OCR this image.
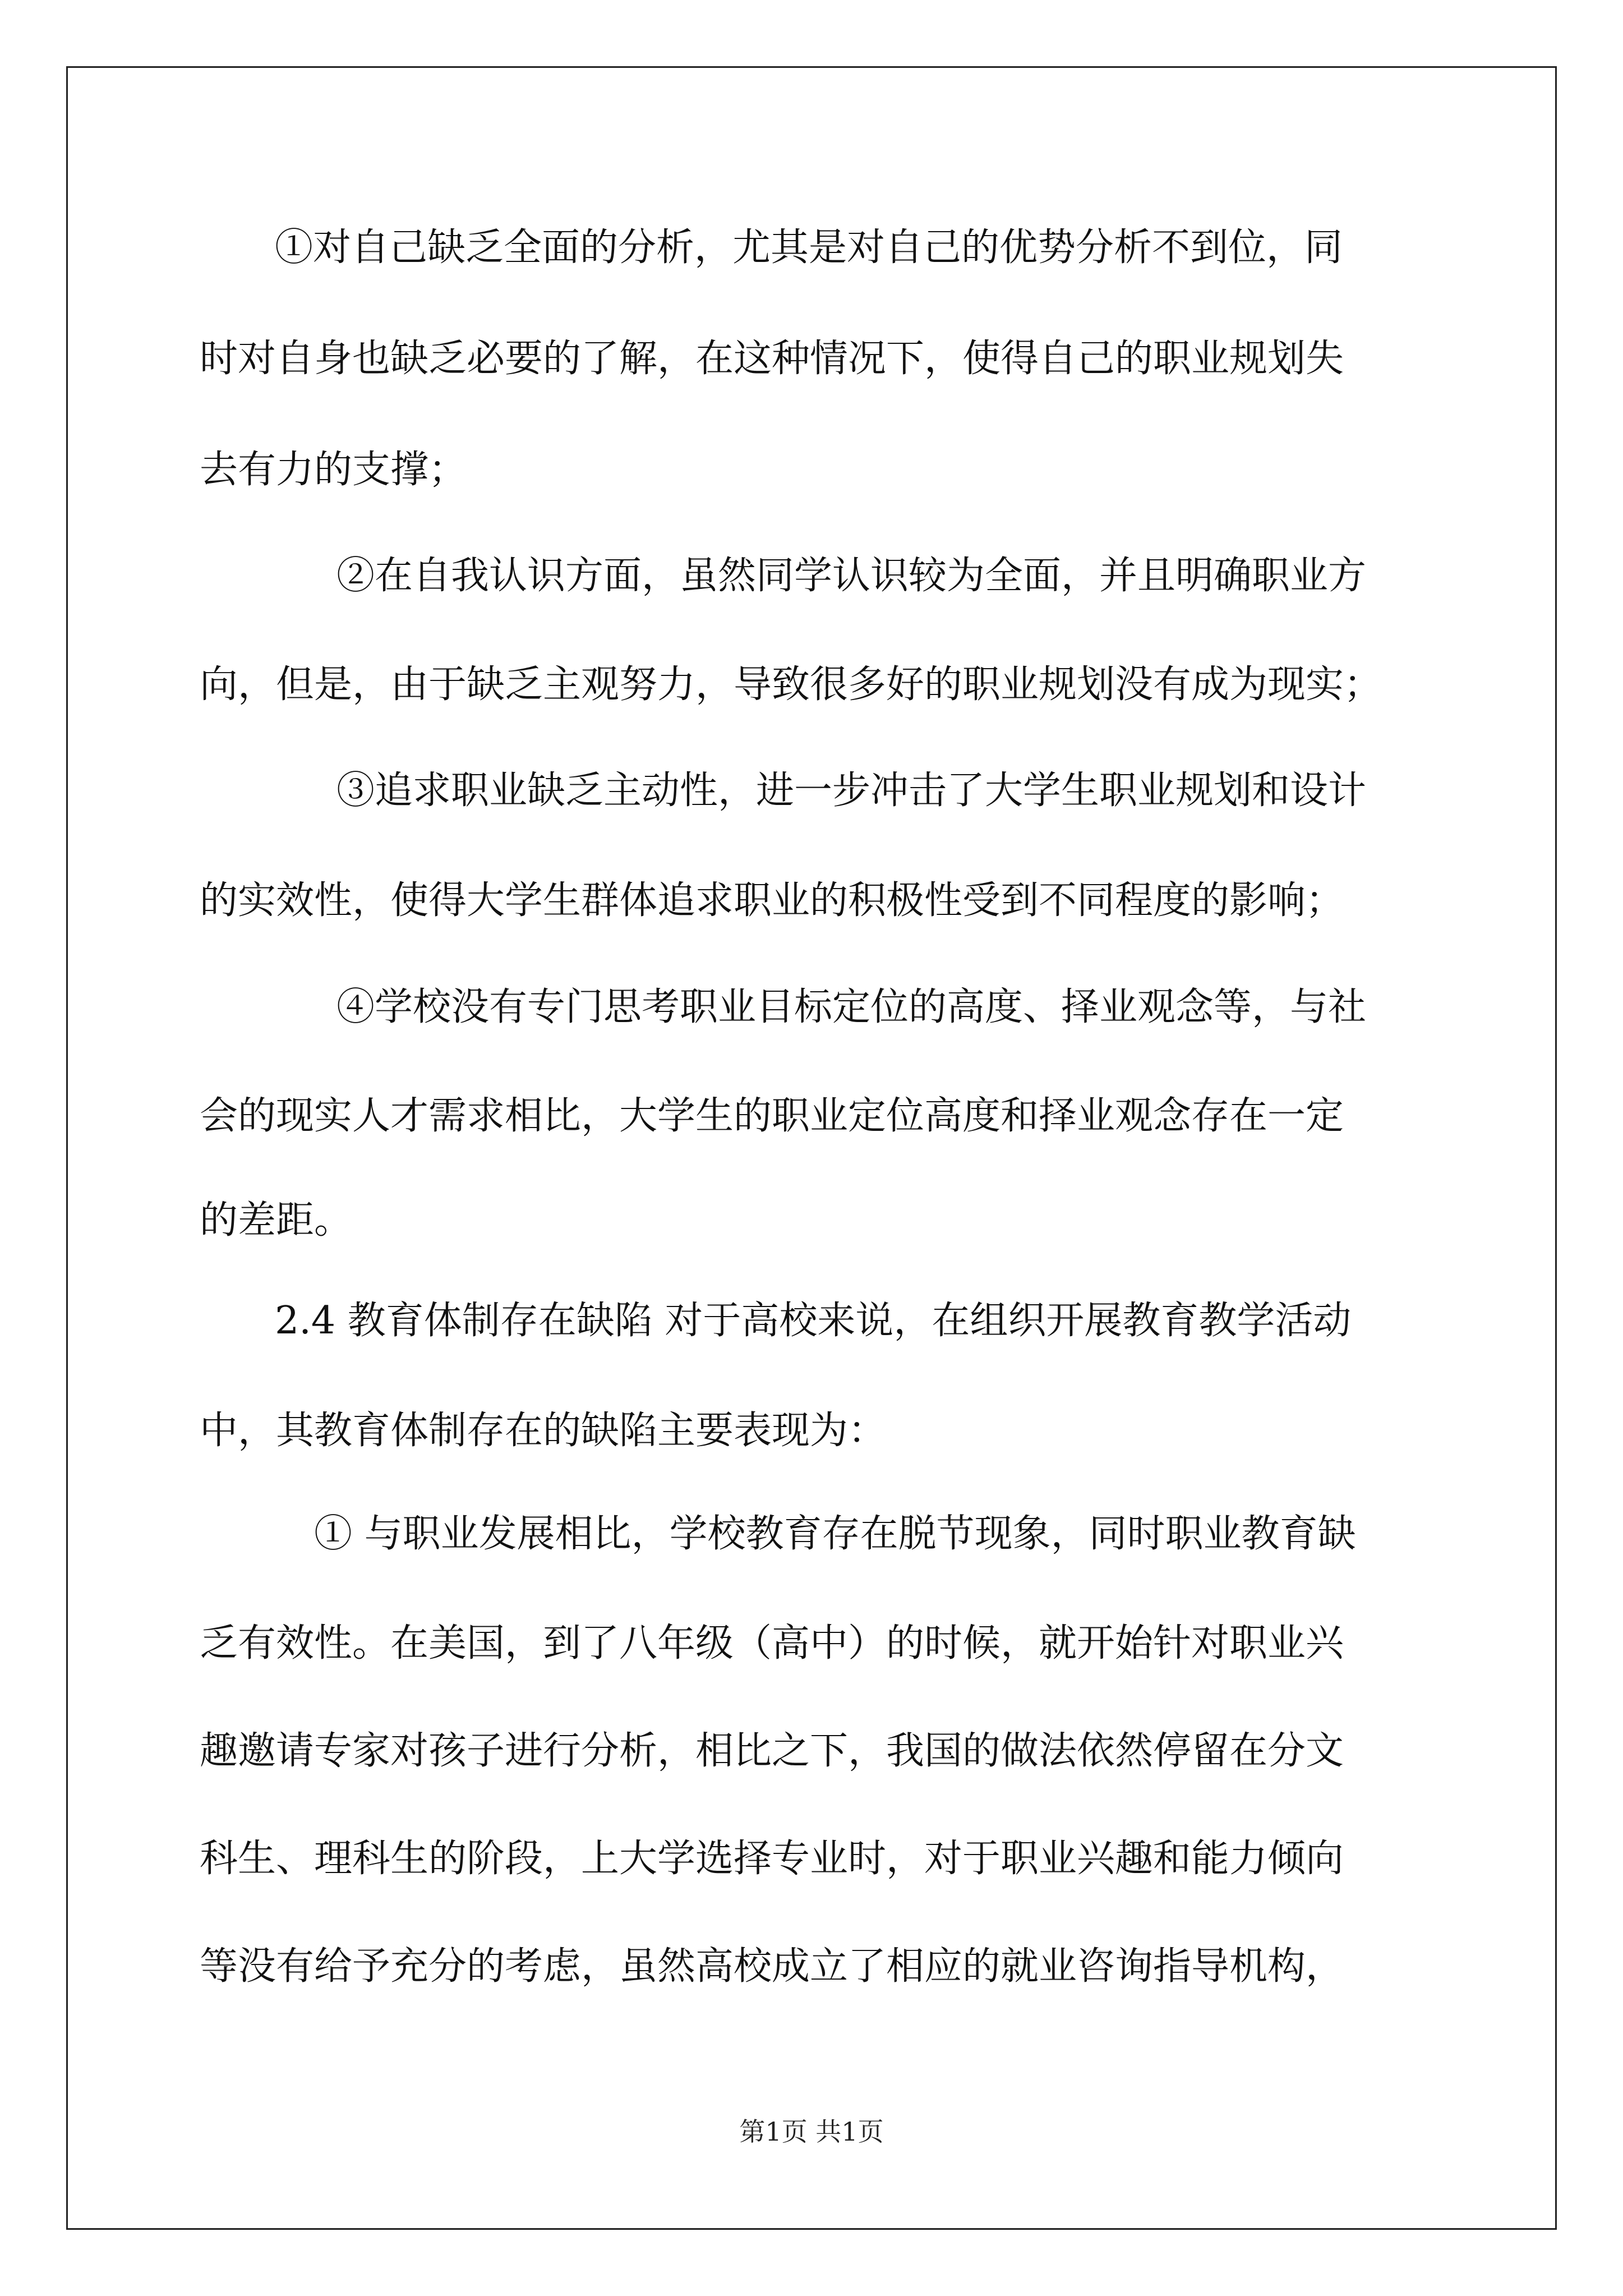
①对自己缺乏全面的分析，尤其是对自己的优势分析不到位，同
时对自身也缺乏必要的了解，在这种情况下，使得自己的职业规划失
去有力的支撑；
②在自我认识方面，虽然同学认识较为全面，并且明确职业方
向，但是，由于缺乏主观努力，导致很多好的职业规划没有成为现实；
③追求职业缺乏主动性，进一步冲击了大学生职业规划和设计
的实效性，使得大学生群体追求职业的积极性受到不同程度的影响；
④学校没有专门思考职业目标定位的高度、择业观念等，与社
会的现实人才需求相比，大学生的职业定位高度和择业观念存在一定
的差距。
2.4 教育体制存在缺陷 对于高校来说，在组织开展教育教学活动
中，其教育体制存在的缺陷主要表现为：
① 与职业发展相比，学校教育存在脱节现象，同时职业教育缺
乏有效性。在美国，到了八年级（高中）的时候，就开始针对职业兴
趣邀请专家对孩子进行分析，相比之下，我国的做法依然停留在分文
科生、理科生的阶段，上大学选择专业时，对于职业兴趣和能力倾向
等没有给予充分的考虑，虽然高校成立了相应的就业咨询指导机构，
第1页 共1页
